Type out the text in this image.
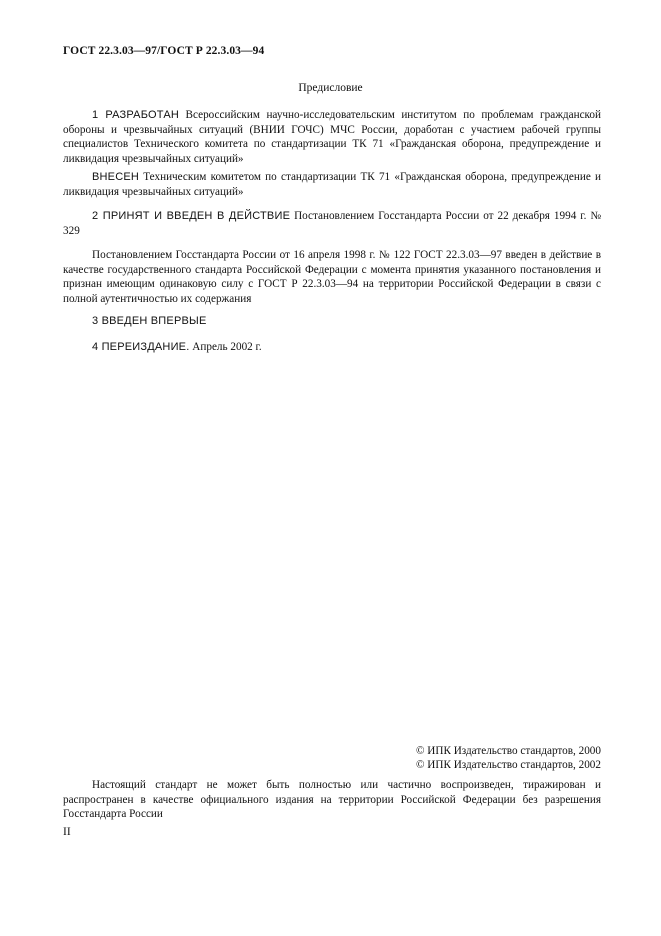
ГОСТ 22.3.03—97/ГОСТ Р 22.3.03—94
Предисловие

1 РАЗРАБОТАН Всероссийским научно-исследовательским институтом по проблемам гражданской обороны и чрезвычайных ситуаций (ВНИИ ГОЧС) МЧС России, доработан с участием рабочей группы специалистов Технического комитета по стандартизации ТК 71 «Гражданская оборона, предупреждение и ликвидация чрезвычайных ситуаций»

ВНЕСЕН Техническим комитетом по стандартизации ТК 71 «Гражданская оборона, предупреждение и ликвидация чрезвычайных ситуаций»

2 ПРИНЯТ И ВВЕДЕН В ДЕЙСТВИЕ Постановлением Госстандарта России от 22 декабря 1994 г. № 329

Постановлением Госстандарта России от 16 апреля 1998 г. № 122 ГОСТ 22.3.03—97 введен в действие в качестве государственного стандарта Российской Федерации с момента принятия указанного постановления и признан имеющим одинаковую силу с ГОСТ Р 22.3.03—94 на территории Российской Федерации в связи с полной аутентичностью их содержания

3 ВВЕДЕН ВПЕРВЫЕ

4 ПЕРЕИЗДАНИЕ. Апрель 2002 г.

© ИПК Издательство стандартов, 2000
© ИПК Издательство стандартов, 2002

Настоящий стандарт не может быть полностью или частично воспроизведен, тиражирован и распространен в качестве официального издания на территории Российской Федерации без разрешения Госстандарта России

II
